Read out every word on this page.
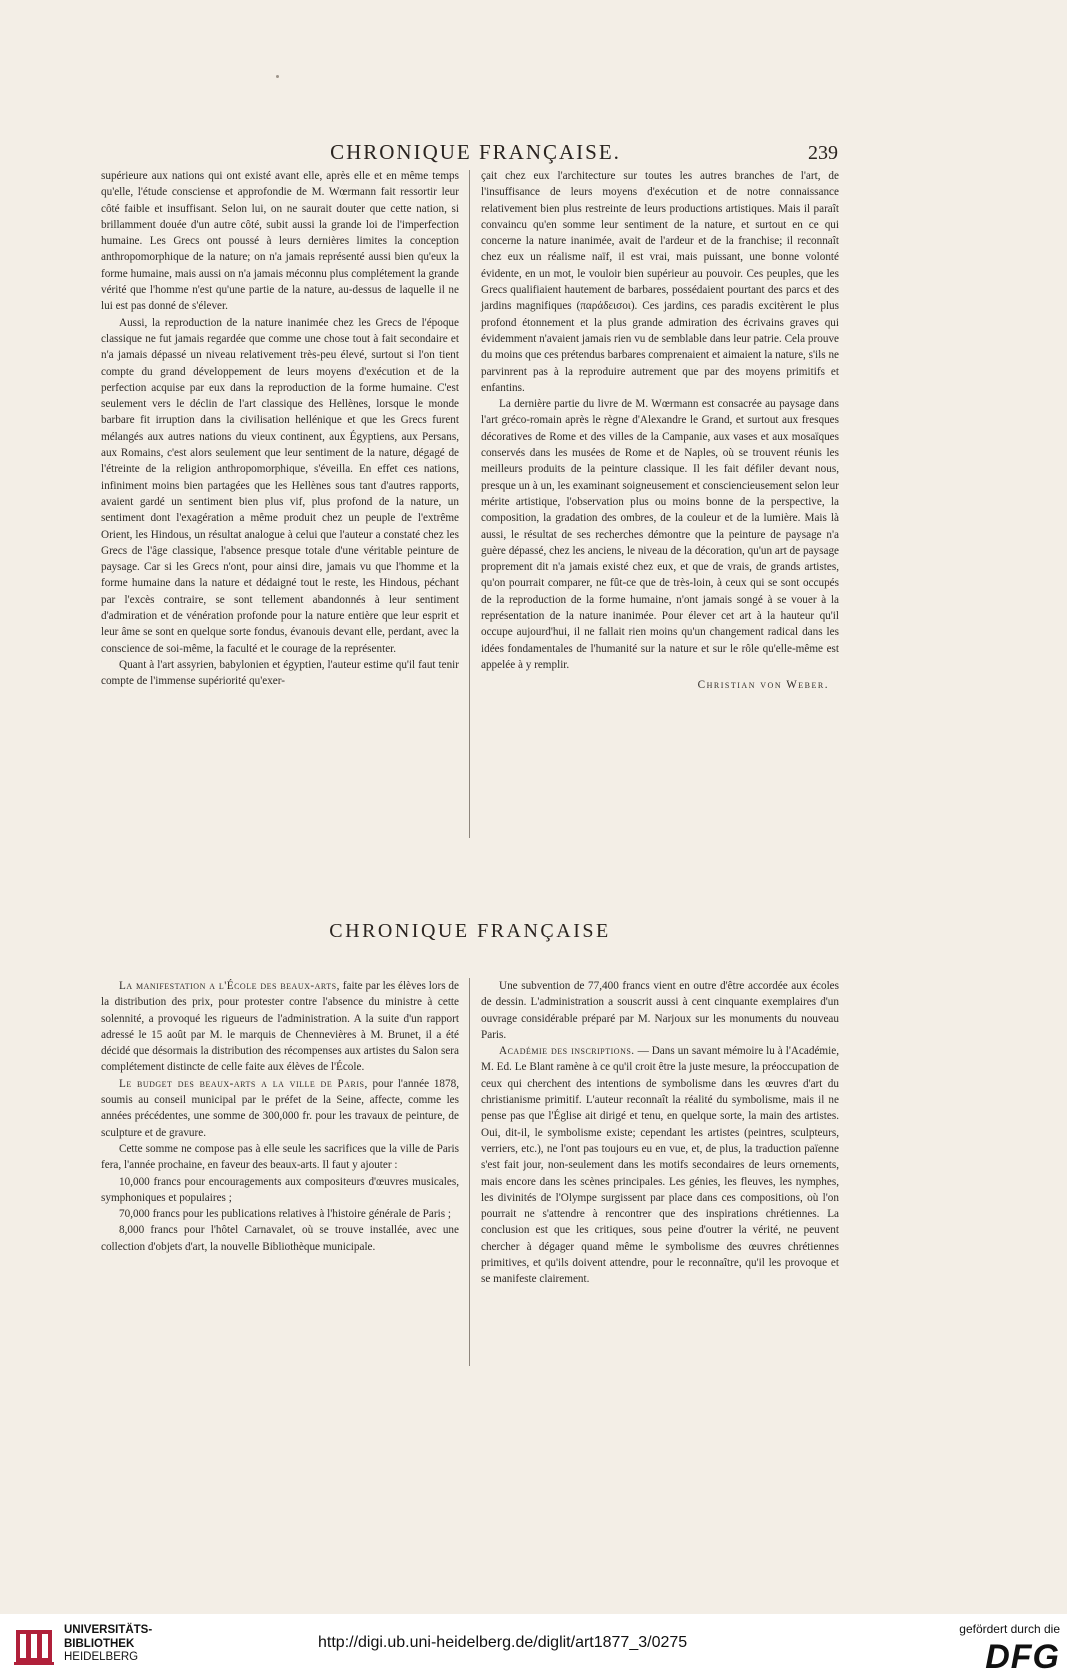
CHRONIQUE FRANÇAISE.	239

supérieure aux nations qui ont existé avant elle, après elle et en même temps qu'elle, l'étude consciense et approfondie de M. Wœrmann fait ressortir leur côté faible et insuffisant. Selon lui, on ne saurait douter que cette nation, si brillamment douée d'un autre côté, subit aussi la grande loi de l'imperfection humaine. Les Grecs ont poussé à leurs dernières limites la conception anthropomorphique de la nature; on n'a jamais représenté aussi bien qu'eux la forme humaine, mais aussi on n'a jamais méconnu plus complétement la grande vérité que l'homme n'est qu'une partie de la nature, au-dessus de laquelle il ne lui est pas donné de s'élever.

Aussi, la reproduction de la nature inanimée chez les Grecs de l'époque classique ne fut jamais regardée que comme une chose tout à fait secondaire et n'a jamais dépassé un niveau relativement très-peu élevé, surtout si l'on tient compte du grand développement de leurs moyens d'exécution et de la perfection acquise par eux dans la reproduction de la forme humaine. C'est seulement vers le déclin de l'art classique des Hellènes, lorsque le monde barbare fit irruption dans la civilisation hellénique et que les Grecs furent mélangés aux autres nations du vieux continent, aux Égyptiens, aux Persans, aux Romains, c'est alors seulement que leur sentiment de la nature, dégagé de l'étreinte de la religion anthropomorphique, s'éveilla. En effet ces nations, infiniment moins bien partagées que les Hellènes sous tant d'autres rapports, avaient gardé un sentiment bien plus vif, plus profond de la nature, un sentiment dont l'exagération a même produit chez un peuple de l'extrême Orient, les Hindous, un résultat analogue à celui que l'auteur a constaté chez les Grecs de l'âge classique, l'absence presque totale d'une véritable peinture de paysage. Car si les Grecs n'ont, pour ainsi dire, jamais vu que l'homme et la forme humaine dans la nature et dédaigné tout le reste, les Hindous, péchant par l'excès contraire, se sont tellement abandonnés à leur sentiment d'admiration et de vénération profonde pour la nature entière que leur esprit et leur âme se sont en quelque sorte fondus, évanouis devant elle, perdant, avec la conscience de soi-même, la faculté et le courage de la représenter.

Quant à l'art assyrien, babylonien et égyptien, l'auteur estime qu'il faut tenir compte de l'immense supériorité qu'exer-

çait chez eux l'architecture sur toutes les autres branches de l'art, de l'insuffisance de leurs moyens d'exécution et de notre connaissance relativement bien plus restreinte de leurs productions artistiques. Mais il paraît convaincu qu'en somme leur sentiment de la nature, et surtout en ce qui concerne la nature inanimée, avait de l'ardeur et de la franchise; il reconnaît chez eux un réalisme naïf, il est vrai, mais puissant, une bonne volonté évidente, en un mot, le vouloir bien supérieur au pouvoir. Ces peuples, que les Grecs qualifiaient hautement de barbares, possédaient pourtant des parcs et des jardins magnifiques (παράδεισοι). Ces jardins, ces paradis excitèrent le plus profond étonnement et la plus grande admiration des écrivains graves qui évidemment n'avaient jamais rien vu de semblable dans leur patrie. Cela prouve du moins que ces prétendus barbares comprenaient et aimaient la nature, s'ils ne parvinrent pas à la reproduire autrement que par des moyens primitifs et enfantins.

La dernière partie du livre de M. Wœrmann est consacrée au paysage dans l'art gréco-romain après le règne d'Alexandre le Grand, et surtout aux fresques décoratives de Rome et des villes de la Campanie, aux vases et aux mosaïques conservés dans les musées de Rome et de Naples, où se trouvent réunis les meilleurs produits de la peinture classique. Il les fait défiler devant nous, presque un à un, les examinant soigneusement et consciencieusement selon leur mérite artistique, l'observation plus ou moins bonne de la perspective, la composition, la gradation des ombres, de la couleur et de la lumière. Mais là aussi, le résultat de ses recherches démontre que la peinture de paysage n'a guère dépassé, chez les anciens, le niveau de la décoration, qu'un art de paysage proprement dit n'a jamais existé chez eux, et que de vrais, de grands artistes, qu'on pourrait comparer, ne fût-ce que de très-loin, à ceux qui se sont occupés de la reproduction de la forme humaine, n'ont jamais songé à se vouer à la représentation de la nature inanimée. Pour élever cet art à la hauteur qu'il occupe aujourd'hui, il ne fallait rien moins qu'un changement radical dans les idées fondamentales de l'humanité sur la nature et sur le rôle qu'elle-même est appelée à y remplir.

Christian von Weber.
CHRONIQUE FRANÇAISE

La manifestation a l'École des beaux-arts, faite par les élèves lors de la distribution des prix, pour protester contre l'absence du ministre à cette solennité, a provoqué les rigueurs de l'administration. A la suite d'un rapport adressé le 15 août par M. le marquis de Chennevières à M. Brunet, il a été décidé que désormais la distribution des récompenses aux artistes du Salon sera complétement distincte de celle faite aux élèves de l'École.

Le budget des beaux-arts a la ville de Paris, pour l'année 1878, soumis au conseil municipal par le préfet de la Seine, affecte, comme les années précédentes, une somme de 300,000 fr. pour les travaux de peinture, de sculpture et de gravure.

Cette somme ne compose pas à elle seule les sacrifices que la ville de Paris fera, l'année prochaine, en faveur des beaux-arts. Il faut y ajouter :

10,000 francs pour encouragements aux compositeurs d'œuvres musicales, symphoniques et populaires ;

70,000 francs pour les publications relatives à l'histoire générale de Paris ;

8,000 francs pour l'hôtel Carnavalet, où se trouve installée, avec une collection d'objets d'art, la nouvelle Bibliothèque municipale.

Une subvention de 77,400 francs vient en outre d'être accordée aux écoles de dessin. L'administration a souscrit aussi à cent cinquante exemplaires d'un ouvrage considérable préparé par M. Narjoux sur les monuments du nouveau Paris.

Académie des inscriptions. — Dans un savant mémoire lu à l'Académie, M. Ed. Le Blant ramène à ce qu'il croit être la juste mesure, la préoccupation de ceux qui cherchent des intentions de symbolisme dans les œuvres d'art du christianisme primitif. L'auteur reconnaît la réalité du symbolisme, mais il ne pense pas que l'Église ait dirigé et tenu, en quelque sorte, la main des artistes. Oui, dit-il, le symbolisme existe; cependant les artistes (peintres, sculpteurs, verriers, etc.), ne l'ont pas toujours eu en vue, et, de plus, la traduction païenne s'est fait jour, non-seulement dans les motifs secondaires de leurs ornements, mais encore dans les scènes principales. Les génies, les fleuves, les nymphes, les divinités de l'Olympe surgissent par place dans ces compositions, où l'on pourrait ne s'attendre à rencontrer que des inspirations chrétiennes. La conclusion est que les critiques, sous peine d'outrer la vérité, ne peuvent chercher à dégager quand même le symbolisme des œuvres chrétiennes primitives, et qu'ils doivent attendre, pour le reconnaître, qu'il les provoque et se manifeste clairement.

UNIVERSITÄTS-
BIBLIOTHEK
HEIDELBERG
http://digi.ub.uni-heidelberg.de/diglit/art1877_3/0275
gefördert durch die
DFG
